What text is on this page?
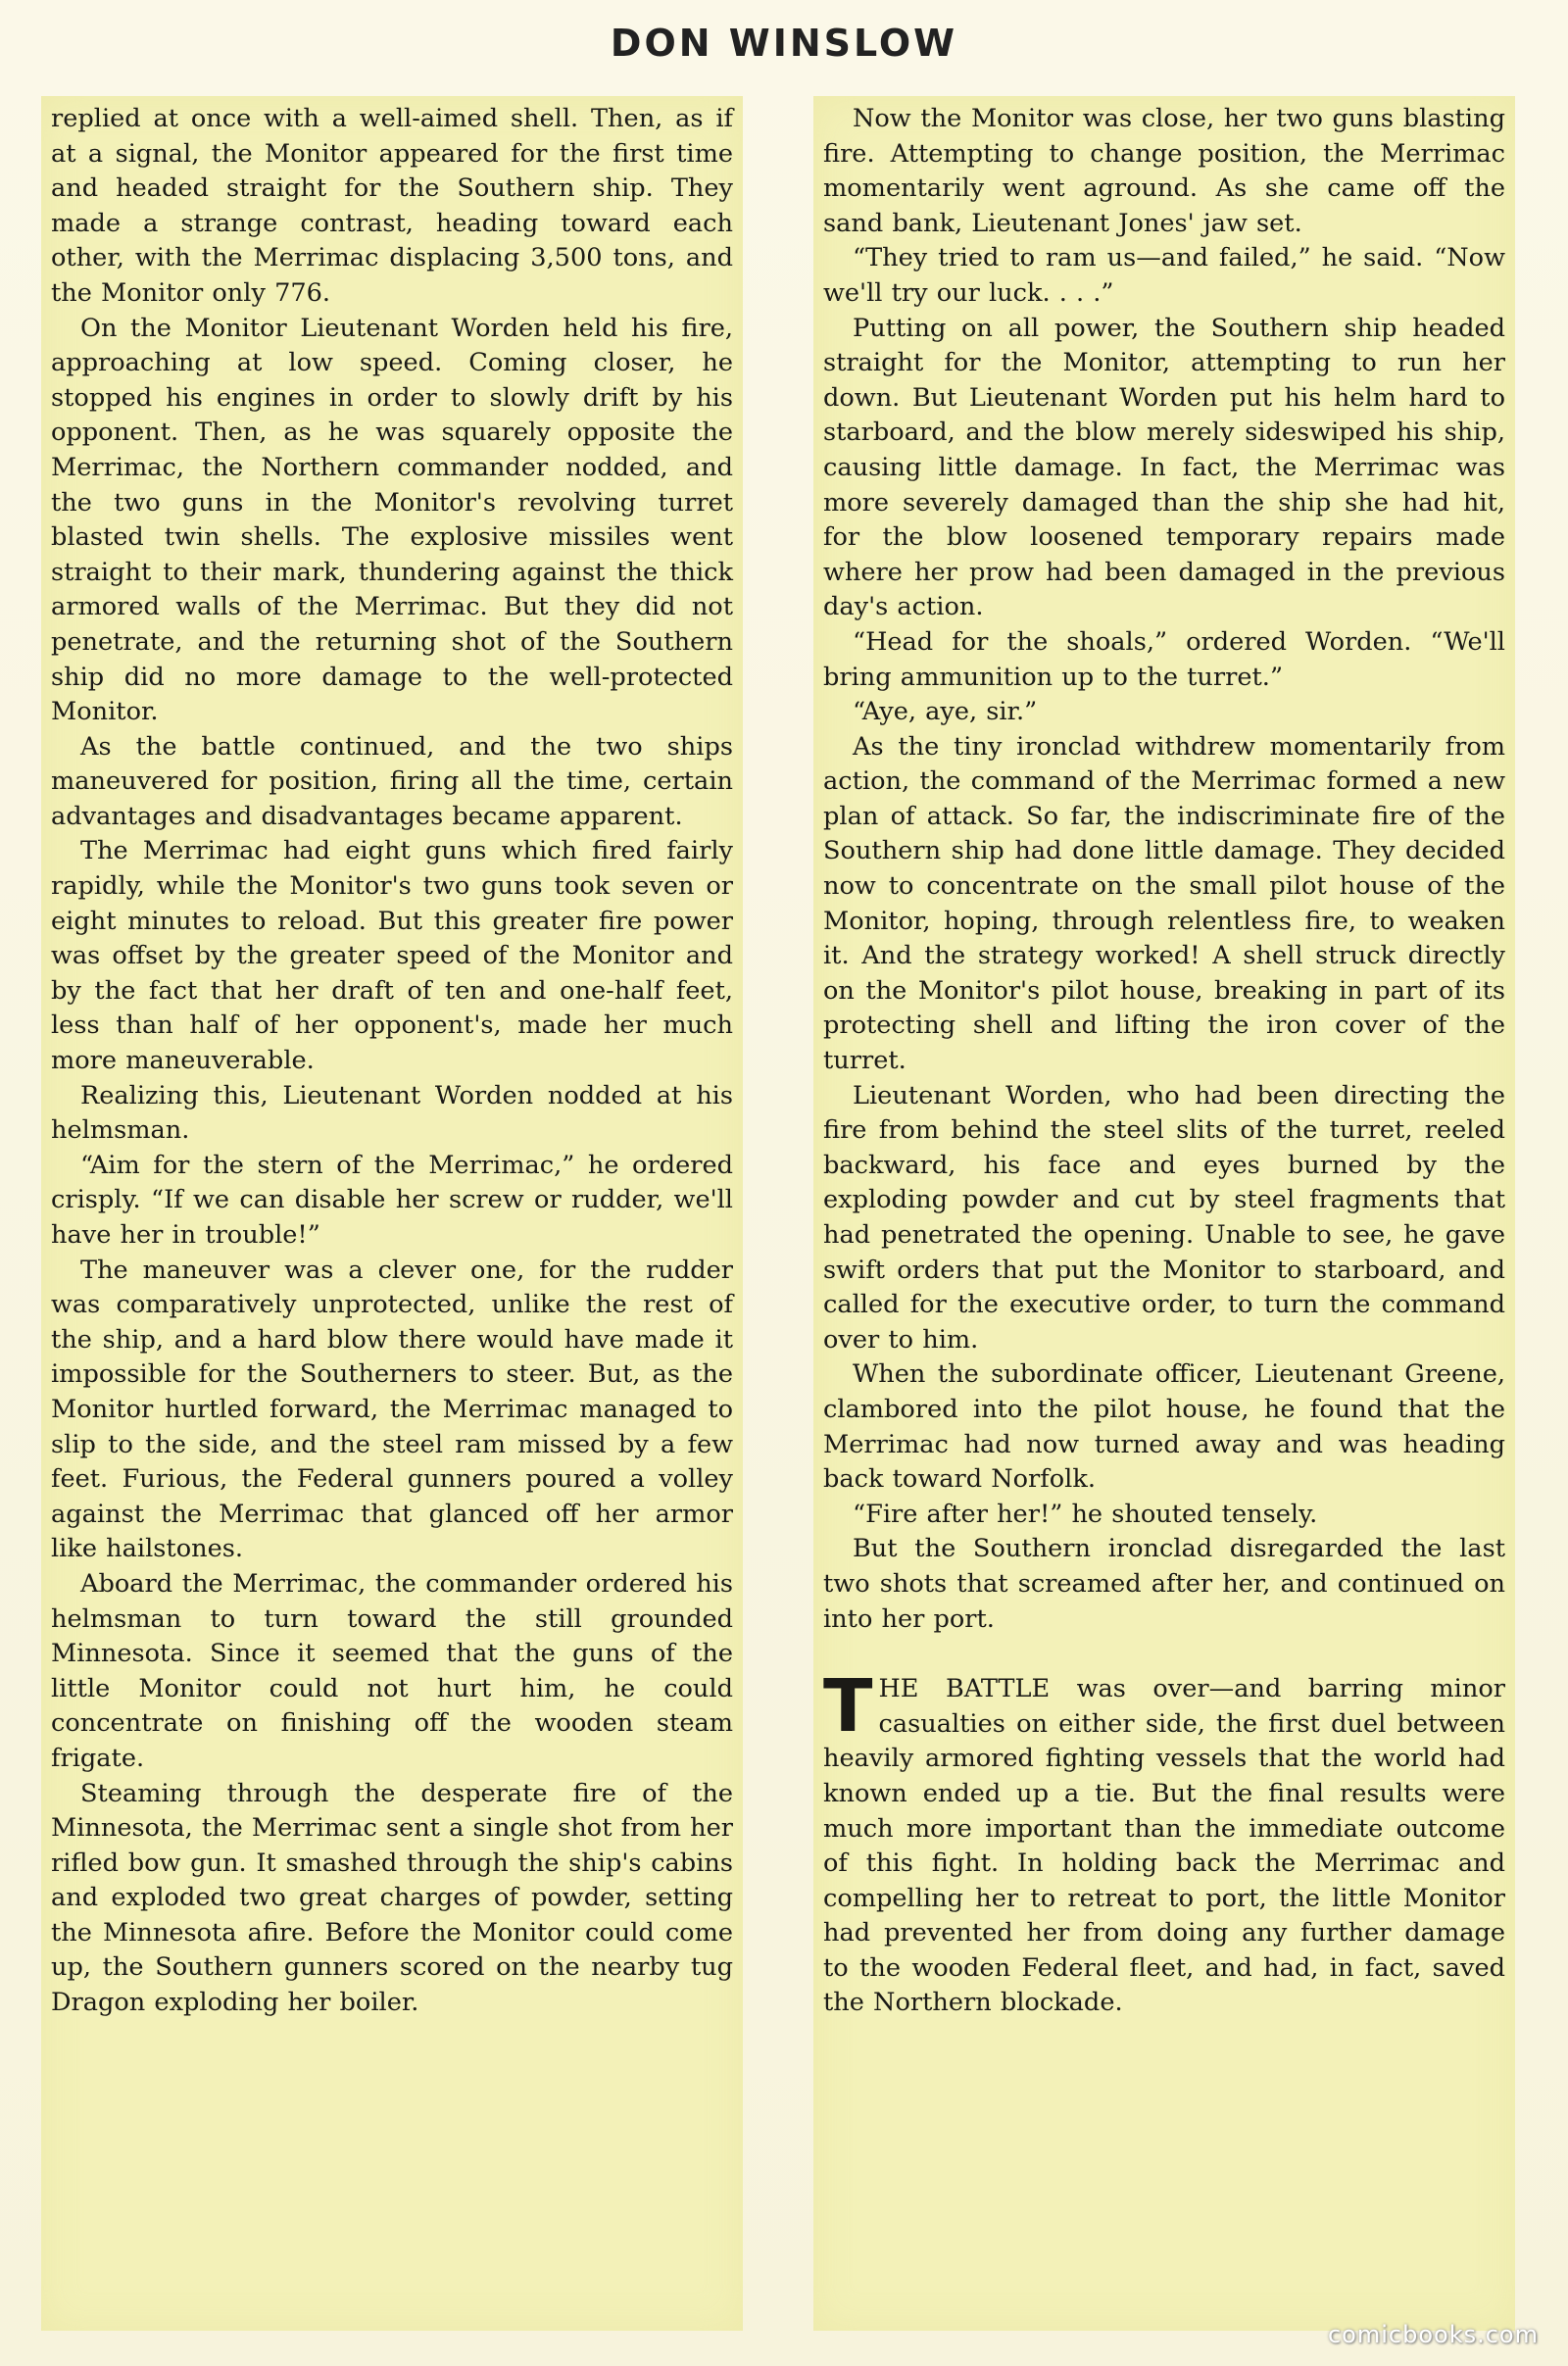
DON WINSLOW

replied at once with a well-aimed shell. Then, as if at a signal, the Monitor appeared for the first time and headed straight for the Southern ship. They made a strange contrast, heading toward each other, with the Merrimac displacing 3,500 tons, and the Monitor only 776.

On the Monitor Lieutenant Worden held his fire, approaching at low speed. Coming closer, he stopped his engines in order to slowly drift by his opponent. Then, as he was squarely opposite the Merrimac, the Northern commander nodded, and the two guns in the Monitor's revolving turret blasted twin shells. The explosive missiles went straight to their mark, thundering against the thick armored walls of the Merrimac. But they did not penetrate, and the returning shot of the Southern ship did no more damage to the well-protected Monitor.

As the battle continued, and the two ships maneuvered for position, firing all the time, certain advantages and disadvantages became apparent.

The Merrimac had eight guns which fired fairly rapidly, while the Monitor's two guns took seven or eight minutes to reload. But this greater fire power was offset by the greater speed of the Monitor and by the fact that her draft of ten and one-half feet, less than half of her opponent's, made her much more maneuverable.

Realizing this, Lieutenant Worden nodded at his helmsman.

“Aim for the stern of the Merrimac,” he ordered crisply. “If we can disable her screw or rudder, we'll have her in trouble!”

The maneuver was a clever one, for the rudder was comparatively unprotected, unlike the rest of the ship, and a hard blow there would have made it impossible for the Southerners to steer. But, as the Monitor hurtled forward, the Merrimac managed to slip to the side, and the steel ram missed by a few feet. Furious, the Federal gunners poured a volley against the Merrimac that glanced off her armor like hailstones.

Aboard the Merrimac, the commander ordered his helmsman to turn toward the still grounded Minnesota. Since it seemed that the guns of the little Monitor could not hurt him, he could concentrate on finishing off the wooden steam frigate.

Steaming through the desperate fire of the Minnesota, the Merrimac sent a single shot from her rifled bow gun. It smashed through the ship's cabins and exploded two great charges of powder, setting the Minnesota afire. Before the Monitor could come up, the Southern gunners scored on the nearby tug Dragon exploding her boiler.

Now the Monitor was close, her two guns blasting fire. Attempting to change position, the Merrimac momentarily went aground. As she came off the sand bank, Lieutenant Jones' jaw set.

“They tried to ram us—and failed,” he said. “Now we'll try our luck. . . .”

Putting on all power, the Southern ship headed straight for the Monitor, attempting to run her down. But Lieutenant Worden put his helm hard to starboard, and the blow merely sideswiped his ship, causing little damage. In fact, the Merrimac was more severely damaged than the ship she had hit, for the blow loosened temporary repairs made where her prow had been damaged in the previous day's action.

“Head for the shoals,” ordered Worden. “We'll bring ammunition up to the turret.”

“Aye, aye, sir.”

As the tiny ironclad withdrew momentarily from action, the command of the Merrimac formed a new plan of attack. So far, the indiscriminate fire of the Southern ship had done little damage. They decided now to concentrate on the small pilot house of the Monitor, hoping, through relentless fire, to weaken it. And the strategy worked! A shell struck directly on the Monitor's pilot house, breaking in part of its protecting shell and lifting the iron cover of the turret.

Lieutenant Worden, who had been directing the fire from behind the steel slits of the turret, reeled backward, his face and eyes burned by the exploding powder and cut by steel fragments that had penetrated the opening. Unable to see, he gave swift orders that put the Monitor to starboard, and called for the executive order, to turn the command over to him.

When the subordinate officer, Lieutenant Greene, clambored into the pilot house, he found that the Merrimac had now turned away and was heading back toward Norfolk.

“Fire after her!” he shouted tensely.

But the Southern ironclad disregarded the last two shots that screamed after her, and continued on into her port.

THE BATTLE was over—and barring minor casualties on either side, the first duel between heavily armored fighting vessels that the world had known ended up a tie. But the final results were much more important than the immediate outcome of this fight. In holding back the Merrimac and compelling her to retreat to port, the little Monitor had prevented her from doing any further damage to the wooden Federal fleet, and had, in fact, saved the Northern blockade.

comicbooks.com
